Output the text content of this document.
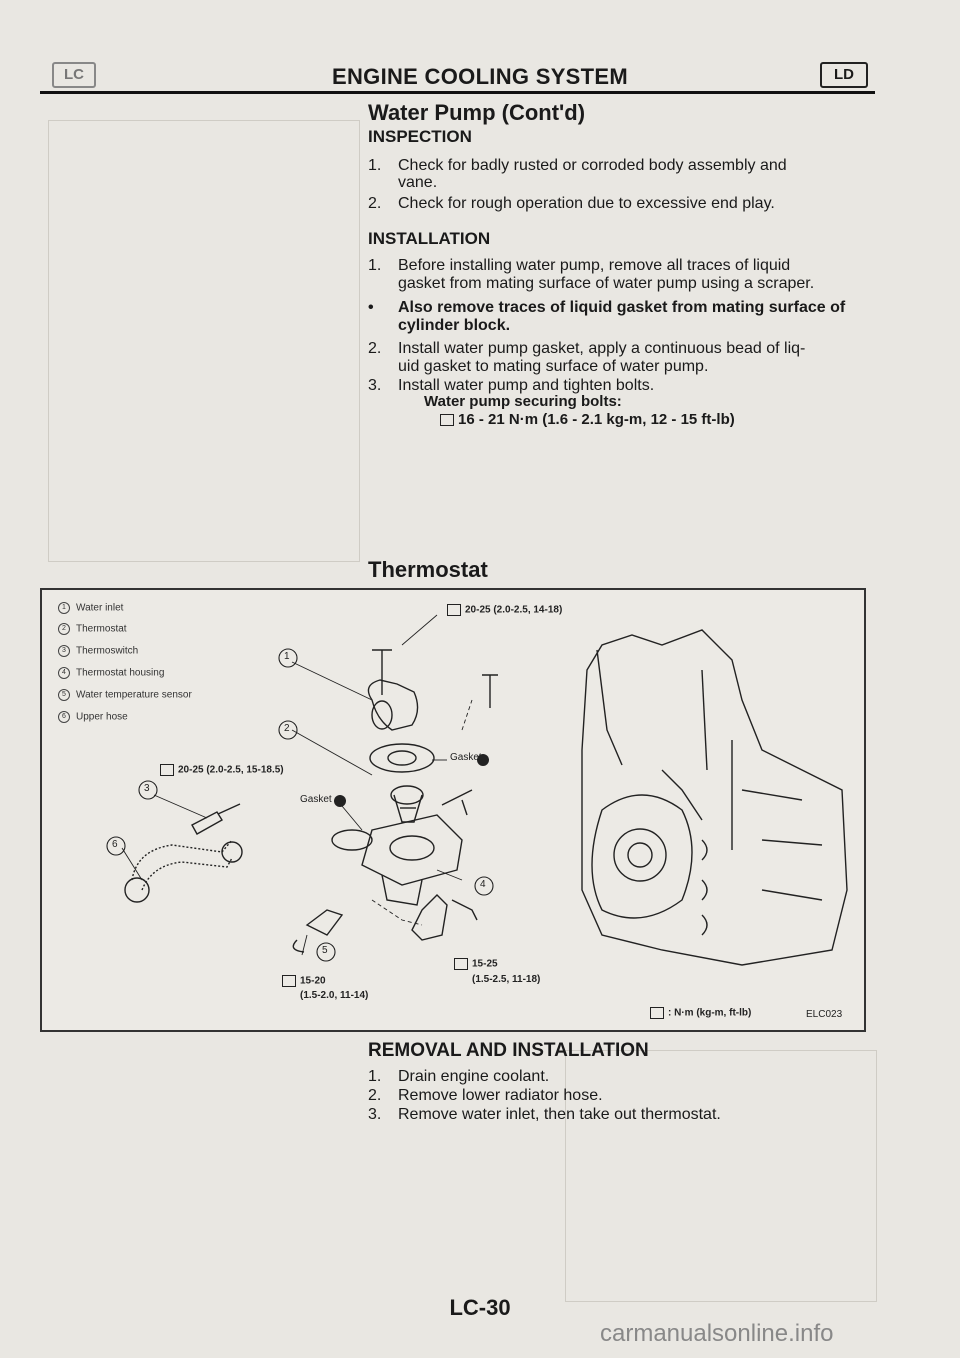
LC	ENGINE COOLING SYSTEM	LD
Water Pump (Cont'd)
INSPECTION
1.	Check for badly rusted or corroded body assembly and
vane.
2.	Check for rough operation due to excessive end play.
INSTALLATION
1.	Before installing water pump, remove all traces of liquid
gasket from mating surface of water pump using a scraper.
•	Also remove traces of liquid gasket from mating surface of
cylinder block.
2.	Install water pump gasket, apply a continuous bead of liq-
uid gasket to mating surface of water pump.
3.	Install water pump and tighten bolts.
Water pump securing bolts:
16 - 21 N·m (1.6 - 2.1 kg-m, 12 - 15 ft-lb)
Thermostat
1 Water inlet
2 Thermostat
3 Thermoswitch
4 Thermostat housing
5 Water temperature sensor
6 Upper hose
1
2
3
6
4
5
20-25 (2.0-2.5, 14-18)
20-25 (2.0-2.5, 15-18.5)
Gasket
Gasket
15-20
(1.5-2.0, 11-14)
15-25
(1.5-2.5, 11-18)
: N·m (kg-m, ft-lb)	ELC023
REMOVAL AND INSTALLATION
1.	Drain engine coolant.
2.	Remove lower radiator hose.
3.	Remove water inlet, then take out thermostat.
LC-30
carmanualsonline.info
